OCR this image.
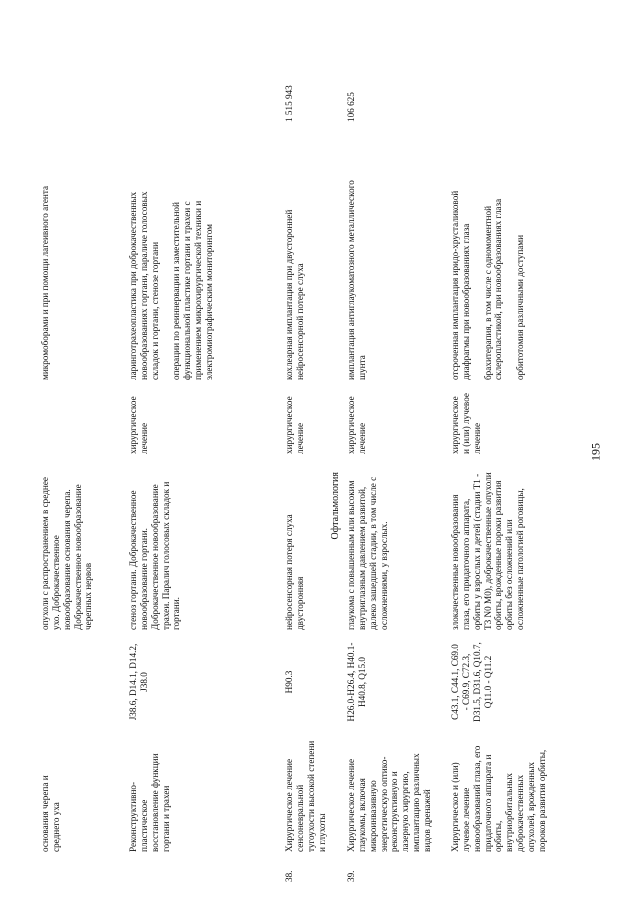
195
основания черепа и среднего уха
опухоли с распространением в среднее ухо. Доброкачественное новообразование основания черепа. Доброкачественное новообразование черепных нервов
микромоборами и при помощи лагеивного агента
Реконструктивно-пластическое восстановление функции гортани и трахеи
J38.6, D14.1, D14.2, J38.0
стеноз гортани. Доброкачественное новообразование гортани. Доброкачественное новообразование трахеи. Паралич голосовых складок и гортани.
хирургическое лечение
ларинготрахеопластика при доброкачественных новообразованиях гортани, параличе голосовых складок и гортани, стенозе гортани

операции по реиннервации и заместительной функциональной пластике гортани и трахеи с применением микрохирургической техники и электромиографическим мониторингом
38.
Хирургическое лечение сенсоневральной тугоухости высокой степени и глухоты
H90.3
нейросенсорная потеря слуха двусторонняя
хирургическое лечение
кохлеарная имплантация при двусторонней нейросенсорной потере слуха
1 515 943
Офтальмология
39.
Хирургическое лечение глаукомы, включая микроинвазивную энергетическую оптико-реконструктивную и лазерную хирургию, имплантацию различных видов дренажей
H26.0-H26.4, H40.1-H40.8, Q15.0
глаукома с повышенным или высоким внутриглазным давлением развитой, далеко зашедшей стадии, в том числе с осложнениями, у взрослых.
хирургическое лечение
имплантация антиглаукоматозного металлического шунта
106 625
Хирургическое и (или) лучевое лечение новообразований глаза, его придаточного аппарата и орбиты, внутриорбитальных доброкачественных опухолей, врожденных пороков развития орбиты,
C43.1, C44.1, C69.0 - C69.9, C72.3, D31.5, D31.6, Q10.7, Q11.0 - Q11.2
злокачественные новообразования глаза, его придаточного аппарата, орбиты у взрослых и детей (стадии T1 - T3 N0 M0), доброкачественные опухоли орбиты, врожденные пороки развития орбиты без осложнений или осложненные патологией роговицы,
хирургическое и (или) лучевое лечение
отсроченная имплантация иридо-хрусталиковой диафрагмы при новообразованиях глаза

брахитерапия, в том числе с одномоментной склеропластикой, при новообразованиях глаза

орбитотомия различными доступами
